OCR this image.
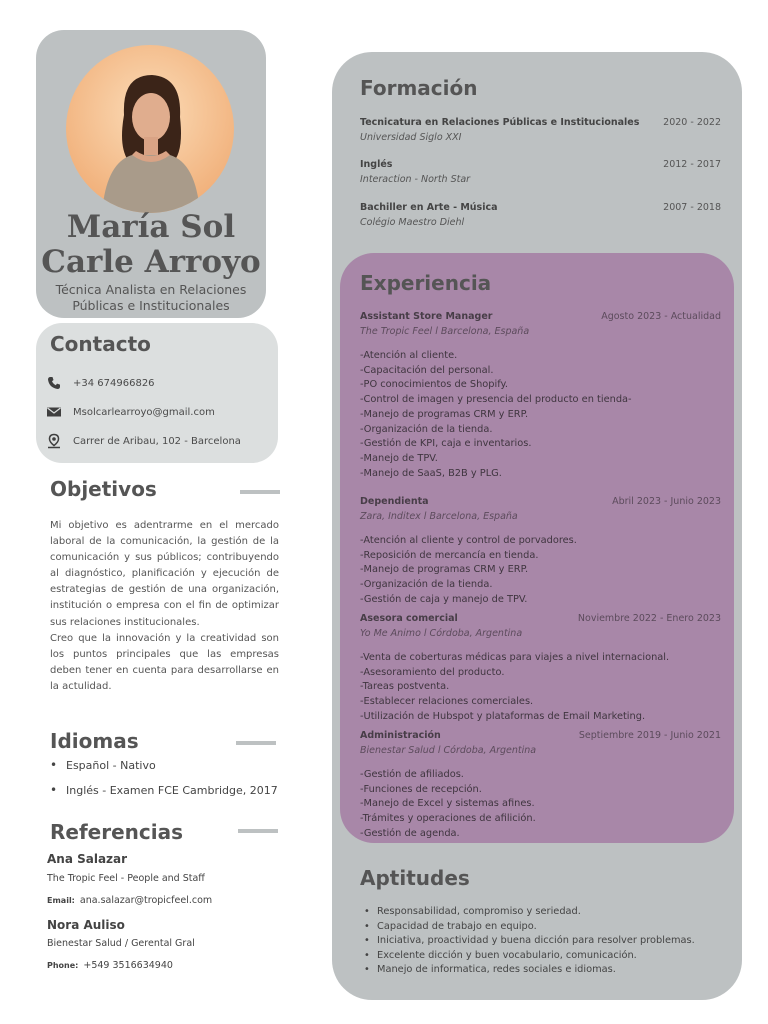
María Sol
Carle Arroyo
Técnica Analista en Relaciones
Públicas e Institucionales
Contacto
+34 674966826
Msolcarlearroyo@gmail.com
Carrer de Aribau, 102 - Barcelona
Objetivos

Mi objetivo es adentrarme en el mercado laboral de la comunicación, la gestión de la comunicación y sus públicos; contribuyendo al diagnóstico, planificación y ejecución de estrategias de gestión de una organización, institución o empresa con el fin de optimizar sus relaciones institucionales.

Creo que la innovación y la creatividad son los puntos principales que las empresas deben tener en cuenta para desarrollarse en la actulidad.

Idiomas
• Español - Nativo
• Inglés - Examen FCE Cambridge, 2017
Referencias
Ana Salazar
The Tropic Feel - People and Staff
Email: ana.salazar@tropicfeel.com
Nora Auliso
Bienestar Salud / Gerental Gral
Phone: +549 3516634940
Formación
Tecnicatura en Relaciones Públicas e Institucionales	2020 - 2022
Universidad Siglo XXI
Inglés	2012 - 2017
Interaction - North Star
Bachiller en Arte - Música	2007 - 2018
Colégio Maestro Diehl
Experiencia
Assistant Store Manager	Agosto 2023 - Actualidad
The Tropic Feel l Barcelona, España
-Atención al cliente.
-Capacitación del personal.
-PO conocimientos de Shopify.
-Control de imagen y presencia del producto en tienda-
-Manejo de programas CRM y ERP.
-Organización de la tienda.
-Gestión de KPI, caja e inventarios.
-Manejo de TPV.
-Manejo de SaaS, B2B y PLG.
Dependienta	Abril 2023 - Junio 2023
Zara, Inditex l Barcelona, España
-Atención al cliente y control de porvadores.
-Reposición de mercancía en tienda.
-Manejo de programas CRM y ERP.
-Organización de la tienda.
-Gestión de caja y manejo de TPV.
Asesora comercial	Noviembre 2022 - Enero 2023
Yo Me Animo l Córdoba, Argentina
-Venta de coberturas médicas para viajes a nivel internacional.
-Asesoramiento del producto.
-Tareas postventa.
-Establecer relaciones comerciales.
-Utilización de Hubspot y plataformas de Email Marketing.
Administración	Septiembre 2019 - Junio 2021
Bienestar Salud l Córdoba, Argentina
-Gestión de afiliados.
-Funciones de recepción.
-Manejo de Excel y sistemas afines.
-Trámites y operaciones de afilición.
-Gestión de agenda.
Aptitudes
• Responsabilidad, compromiso y seriedad.
• Capacidad de trabajo en equipo.
• Iniciativa, proactividad y buena dicción para resolver problemas.
• Excelente dicción y buen vocabulario, comunicación.
• Manejo de informatica, redes sociales e idiomas.
